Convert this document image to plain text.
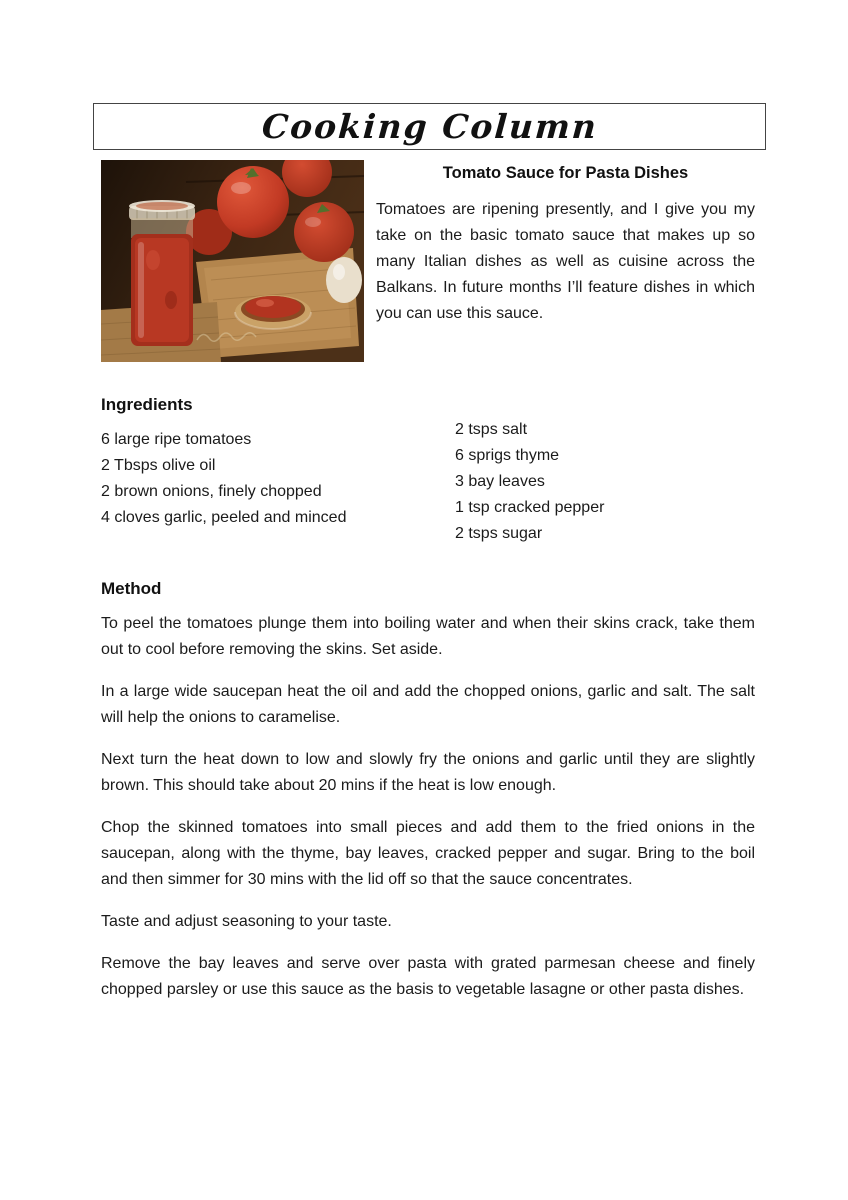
Cooking Column
Tomato Sauce for Pasta Dishes

Tomatoes are ripening presently, and I give you my take on the basic tomato sauce that makes up so many Italian dishes as well as cuisine across the Balkans. In future months I’ll feature dishes in which you can use this sauce.

Ingredients
6 large ripe tomatoes
2 Tbsps olive oil
2 brown onions, finely chopped
4 cloves garlic, peeled and minced
2 tsps salt
6 sprigs thyme
3 bay leaves
1 tsp cracked pepper
2 tsps sugar
Method

To peel the tomatoes plunge them into boiling water and when their skins crack, take them out to cool before removing the skins. Set aside.

In a large wide saucepan heat the oil and add the chopped onions, garlic and salt. The salt will help the onions to caramelise.

Next turn the heat down to low and slowly fry the onions and garlic until they are slightly brown. This should take about 20 mins if the heat is low enough.

Chop the skinned tomatoes into small pieces and add them to the fried onions in the saucepan, along with the thyme, bay leaves, cracked pepper and sugar. Bring to the boil and then simmer for 30 mins with the lid off so that the sauce concentrates.

Taste and adjust seasoning to your taste.

Remove the bay leaves and serve over pasta with grated parmesan cheese and finely chopped parsley or use this sauce as the basis to vegetable lasagne or other pasta dishes.
